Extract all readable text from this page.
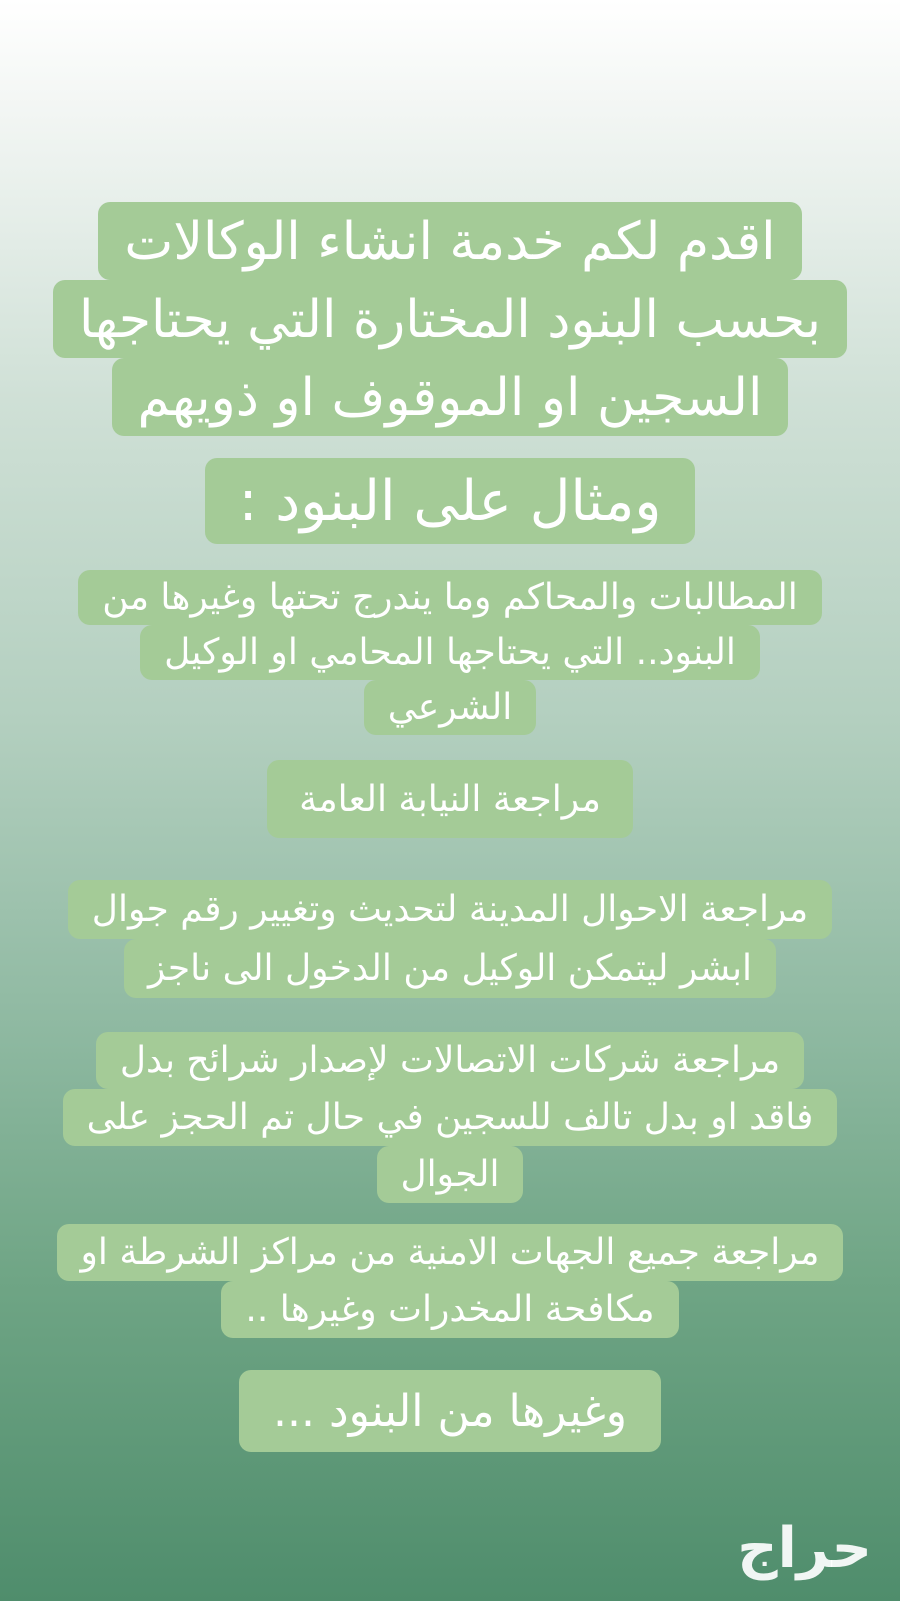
اقدم لكم خدمة انشاء الوكالات
بحسب البنود المختارة التي يحتاجها
السجين او الموقوف او ذويهم
ومثال على البنود :
المطالبات والمحاكم وما يندرج تحتها وغيرها من
البنود.. التي يحتاجها المحامي او الوكيل
الشرعي
مراجعة النيابة العامة
مراجعة الاحوال المدينة لتحديث وتغيير رقم جوال
ابشر ليتمكن الوكيل من الدخول الى ناجز
مراجعة شركات الاتصالات لإصدار شرائح بدل
فاقد او بدل تالف للسجين في حال تم الحجز على
الجوال
مراجعة جميع الجهات الامنية من مراكز الشرطة او
مكافحة المخدرات وغيرها ..
وغيرها من البنود ...
حراج
